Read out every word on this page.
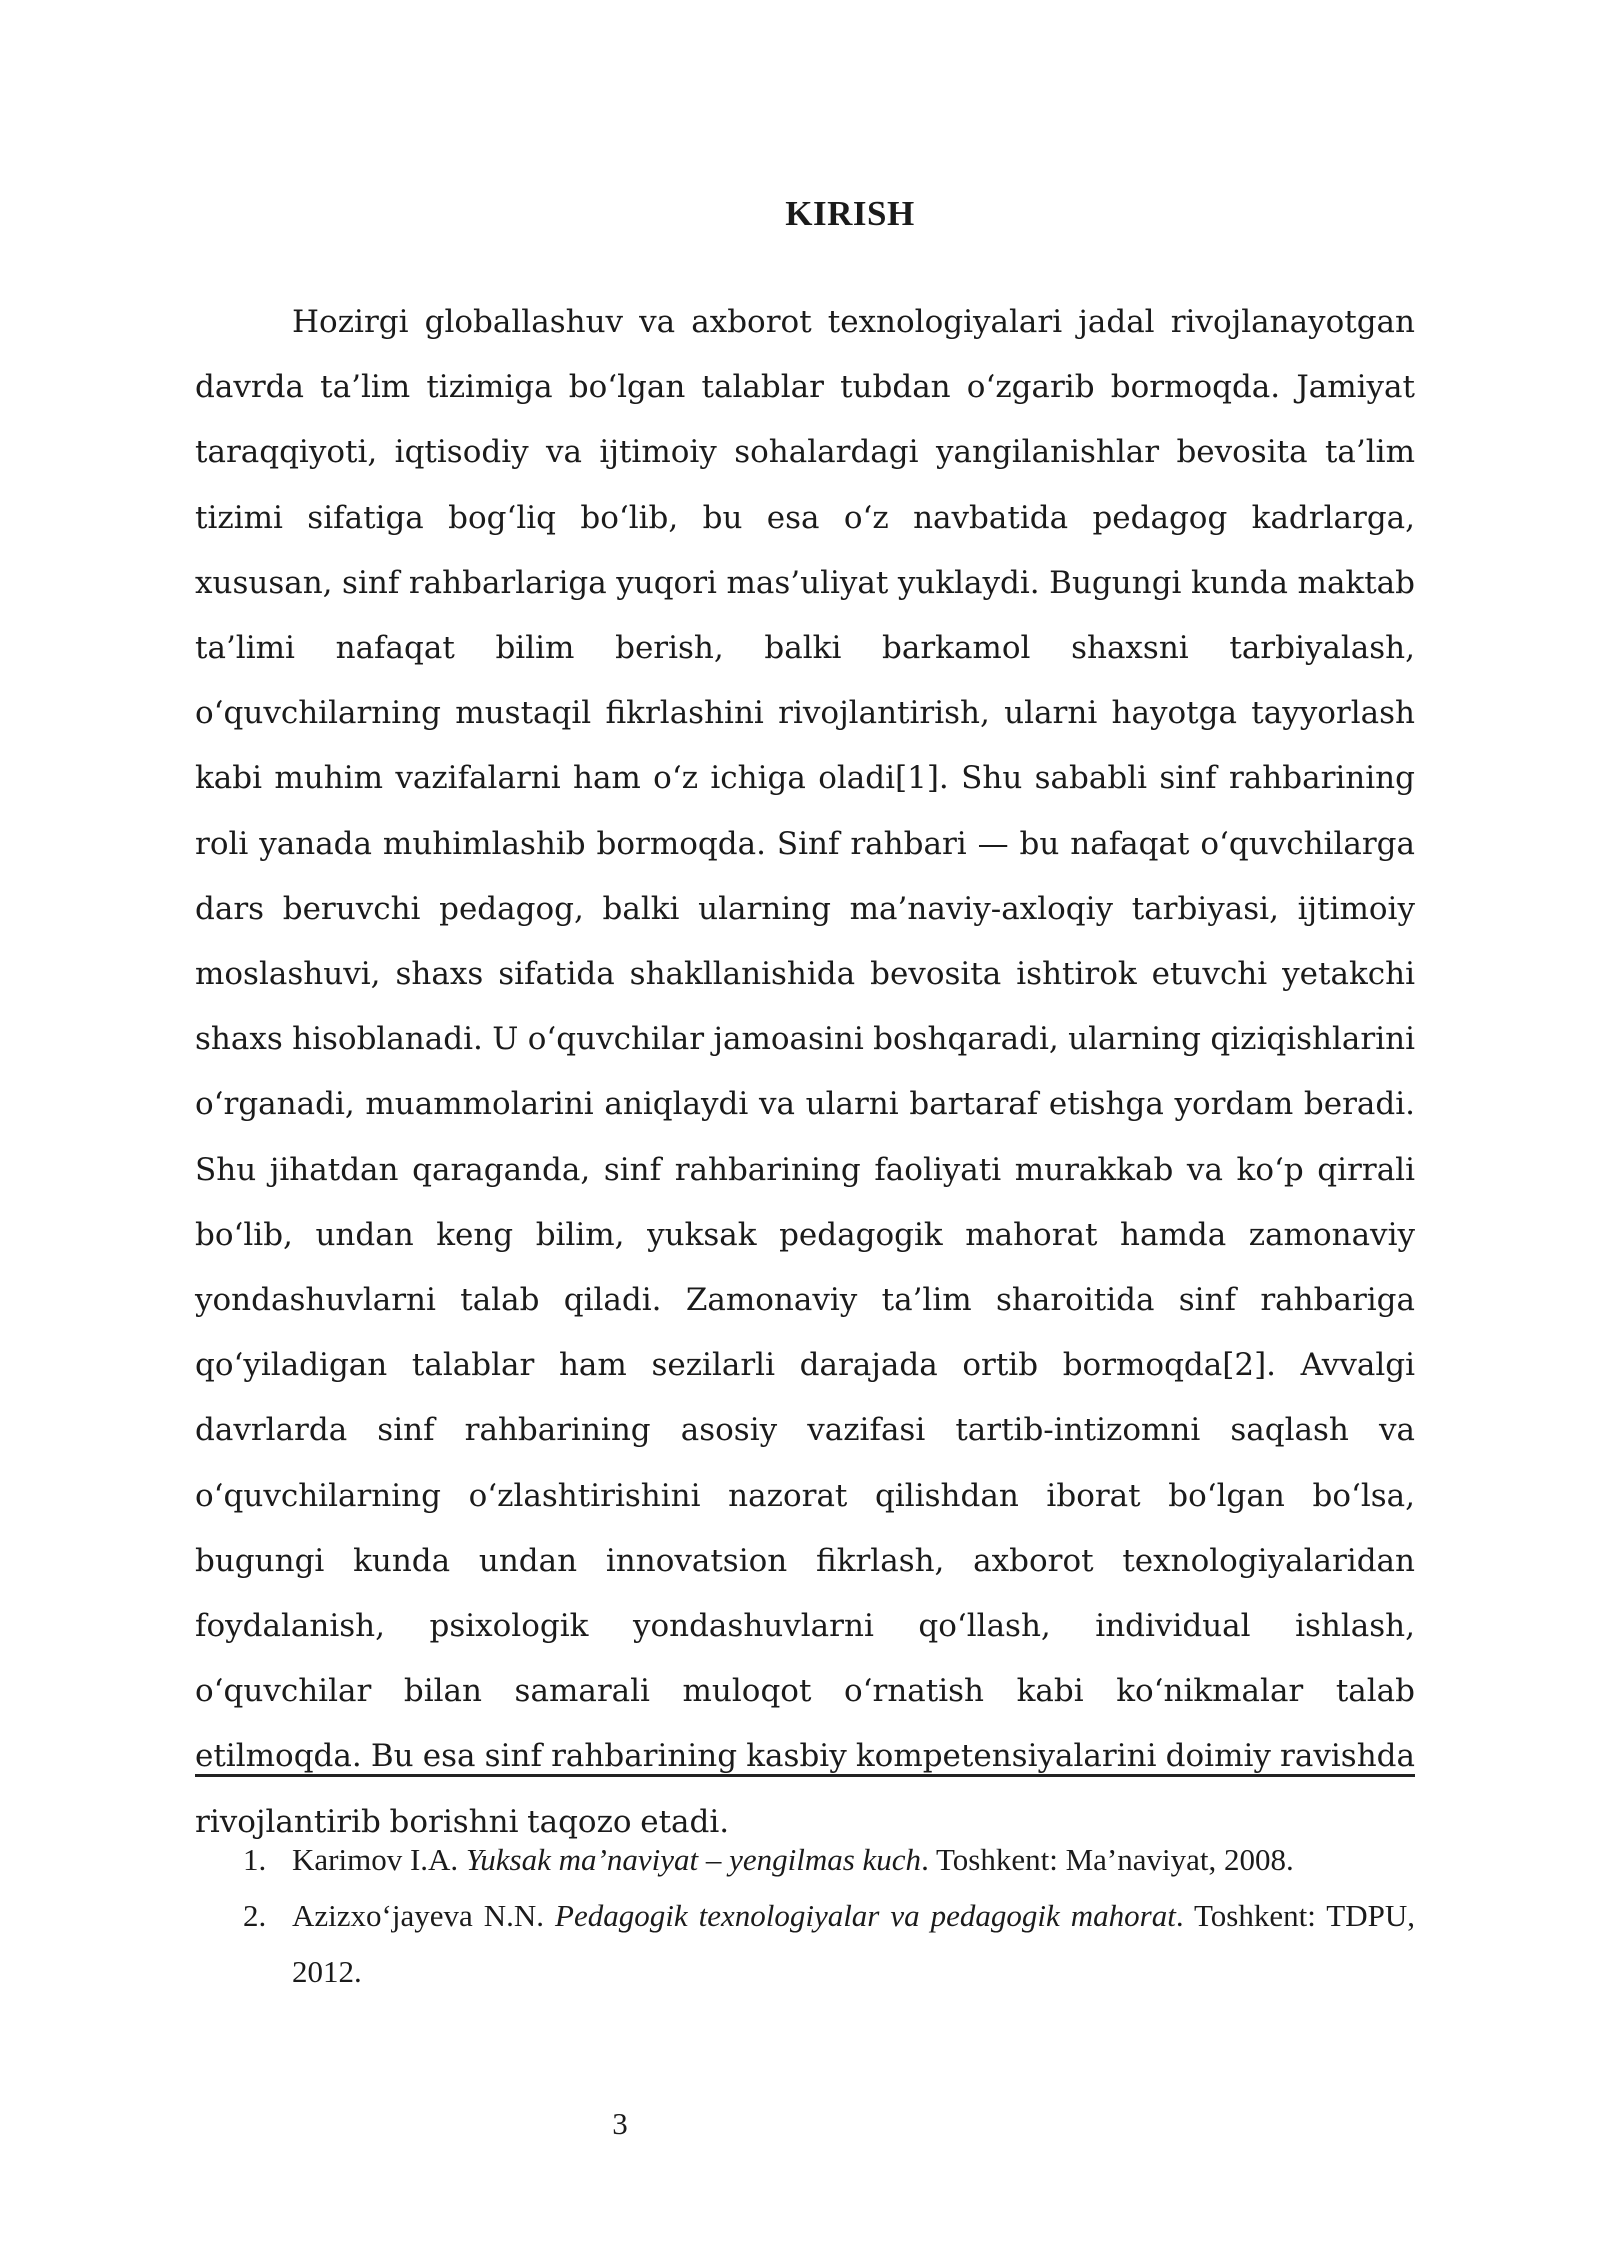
KIRISH

Hozirgi globallashuv va axborot texnologiyalari jadal rivojlanayotgan davrda ta’lim tizimiga bo‘lgan talablar tubdan o‘zgarib bormoqda. Jamiyat taraqqiyoti, iqtisodiy va ijtimoiy sohalardagi yangilanishlar bevosita ta’lim tizimi sifatiga bog‘liq bo‘lib, bu esa o‘z navbatida pedagog kadrlarga, xususan, sinf rahbarlariga yuqori mas’uliyat yuklaydi. Bugungi kunda maktab ta’limi nafaqat bilim berish, balki barkamol shaxsni tarbiyalash, o‘quvchilarning mustaqil fikrlashini rivojlantirish, ularni hayotga tayyorlash kabi muhim vazifalarni ham o‘z ichiga oladi[1]. Shu sababli sinf rahbarining roli yanada muhimlashib bormoqda. Sinf rahbari — bu nafaqat o‘quvchilarga dars beruvchi pedagog, balki ularning ma’naviy-axloqiy tarbiyasi, ijtimoiy moslashuvi, shaxs sifatida shakllanishida bevosita ishtirok etuvchi yetakchi shaxs hisoblanadi. U o‘quvchilar jamoasini boshqaradi, ularning qiziqishlarini o‘rganadi, muammolarini aniqlaydi va ularni bartaraf etishga yordam beradi. Shu jihatdan qaraganda, sinf rahbarining faoliyati murakkab va ko‘p qirrali bo‘lib, undan keng bilim, yuksak pedagogik mahorat hamda zamonaviy yondashuvlarni talab qiladi. Zamonaviy ta’lim sharoitida sinf rahbariga qo‘yiladigan talablar ham sezilarli darajada ortib bormoqda[2]. Avvalgi davrlarda sinf rahbarining asosiy vazifasi tartib-intizomni saqlash va o‘quvchilarning o‘zlashtirishini nazorat qilishdan iborat bo‘lgan bo‘lsa, bugungi kunda undan innovatsion fikrlash, axborot texnologiyalaridan foydalanish, psixologik yondashuvlarni qo‘llash, individual ishlash, o‘quvchilar bilan samarali muloqot o‘rnatish kabi ko‘nikmalar talab etilmoqda. Bu esa sinf rahbarining kasbiy kompetensiyalarini doimiy ravishda rivojlantirib borishni taqozo etadi.

1. Karimov I.A. Yuksak ma’naviyat – yengilmas kuch. Toshkent: Ma’naviyat, 2008.
2. Azizxo‘jayeva N.N. Pedagogik texnologiyalar va pedagogik mahorat. Toshkent: TDPU, 2012.
3
